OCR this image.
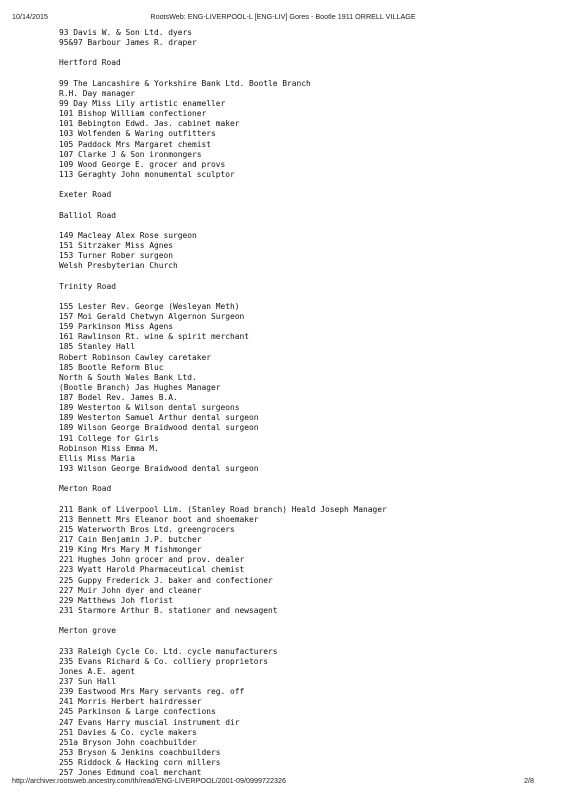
10/14/2015	RootsWeb: ENG-LIVERPOOL-L [ENG-LIV] Gores - Bootle 1911 ORRELL VILLAGE
93 Davis W. & Son Ltd. dyers
95&97 Barbour James R. draper
Hertford Road
99 The Lancashire & Yorkshire Bank Ltd. Bootle Branch
R.H. Day manager
99 Day Miss Lily artistic enameller
101 Bishop William confectioner
101 Bebington Edwd. Jas. cabinet maker
103 Wolfenden & Waring outfitters
105 Paddock Mrs Margaret chemist
107 Clarke J & Son ironmongers
109 Wood George E. grocer and provs
113 Geraghty John monumental sculptor
Exeter Road
Balliol Road
149 Macleay Alex Rose surgeon
151 Sitrzaker Miss Agnes
153 Turner Rober surgeon
Welsh Presbyterian Church
Trinity Road
155 Lester Rev. George (Wesleyan Meth)
157 Moi Gerald Chetwyn Algernon Surgeon
159 Parkinson Miss Agens
161 Rawlinson Rt. wine & spirit merchant
185 Stanley Hall
Robert Robinson Cawley caretaker
185 Bootle Reform Bluc
North & South Wales Bank Ltd.
(Bootle Branch) Jas Hughes Manager
187 Bodel Rev. James B.A.
189 Westerton & Wilson dental surgeons
189 Westerton Samuel Arthur dental surgeon
189 Wilson George Braidwood dental surgeon
191 College for Girls
Robinson Miss Emma M.
Ellis Miss Maria
193 Wilson George Braidwood dental surgeon
Merton Road
211 Bank of Liverpool Lim. (Stanley Road branch) Heald Joseph Manager
213 Bennett Mrs Eleanor boot and shoemaker
215 Waterworth Bros Ltd. greengrocers
217 Cain Benjamin J.P. butcher
219 King Mrs Mary M fishmonger
221 Hughes John grocer and prov. dealer
223 Wyatt Harold Pharmaceutical chemist
225 Guppy Frederick J. baker and confectioner
227 Muir John dyer and cleaner
229 Matthews Joh florist
231 Starmore Arthur B. stationer and newsagent
Merton grove
233 Raleigh Cycle Co. Ltd. cycle manufacturers
235 Evans Richard & Co. colliery proprietors
Jones A.E. agent
237 Sun Hall
239 Eastwood Mrs Mary servants reg. off
241 Morris Herbert hairdresser
245 Parkinson & Large confections
247 Evans Harry muscial instrument dir
251 Davies & Co. cycle makers
251a Bryson John coachbuilder
253 Bryson & Jenkins coachbuilders
255 Riddock & Hacking corn millers
257 Jones Edmund coal merchant
http://archiver.rootsweb.ancestry.com/th/read/ENG-LIVERPOOL/2001-09/0999722326	2/8
